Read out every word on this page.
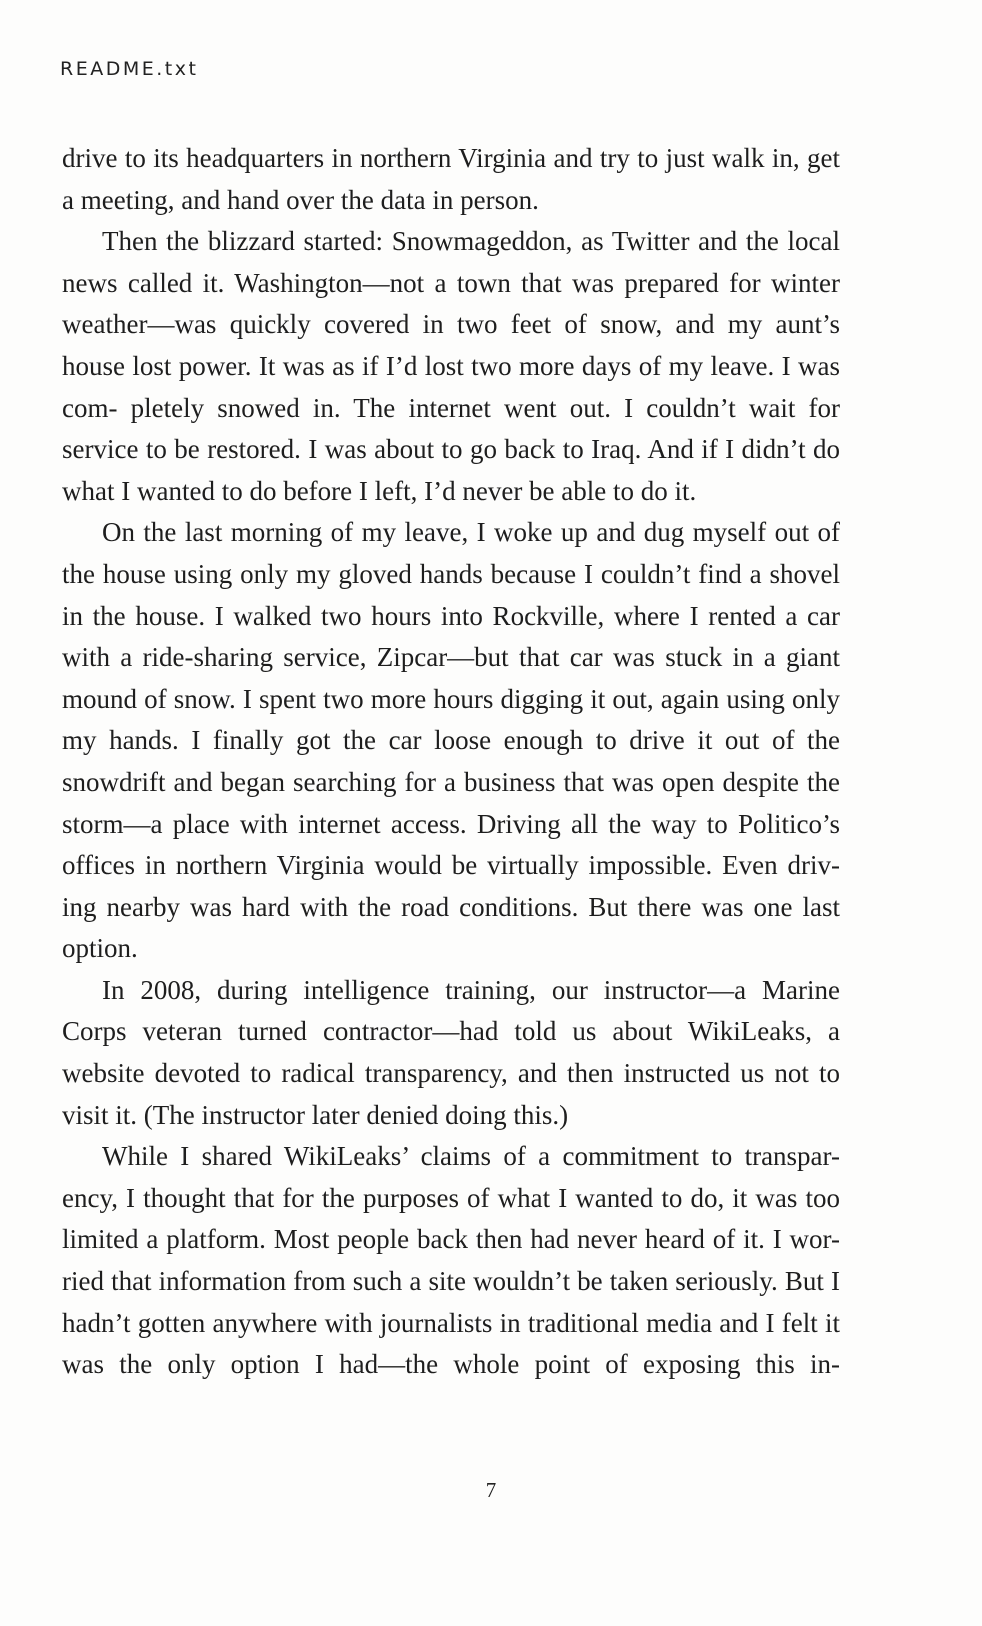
README.txt

drive to its headquarters in northern Virginia and try to just walk in, get a meeting, and hand over the data in person.

Then the blizzard started: Snowmageddon, as Twitter and the local news called it. Washington—not a town that was prepared for winter weather—was quickly covered in two feet of snow, and my aunt’s house lost power. It was as if I’d lost two more days of my leave. I was com- pletely snowed in. The internet went out. I couldn’t wait for service to be restored. I was about to go back to Iraq. And if I didn’t do what I wanted to do before I left, I’d never be able to do it.

On the last morning of my leave, I woke up and dug myself out of the house using only my gloved hands because I couldn’t find a shovel in the house. I walked two hours into Rockville, where I rented a car with a ride-sharing service, Zipcar—but that car was stuck in a giant mound of snow. I spent two more hours digging it out, again using only my hands. I finally got the car loose enough to drive it out of the snowdrift and began searching for a business that was open despite the storm—a place with internet access. Driving all the way to Politico’s offices in northern Virginia would be virtually impossible. Even driv- ing nearby was hard with the road conditions. But there was one last option.

In 2008, during intelligence training, our instructor—a Marine Corps veteran turned contractor—had told us about WikiLeaks, a website devoted to radical transparency, and then instructed us not to visit it. (The instructor later denied doing this.)

While I shared WikiLeaks’ claims of a commitment to transpar- ency, I thought that for the purposes of what I wanted to do, it was too limited a platform. Most people back then had never heard of it. I wor- ried that information from such a site wouldn’t be taken seriously. But I hadn’t gotten anywhere with journalists in traditional media and I felt it was the only option I had—the whole point of exposing this in-

7
